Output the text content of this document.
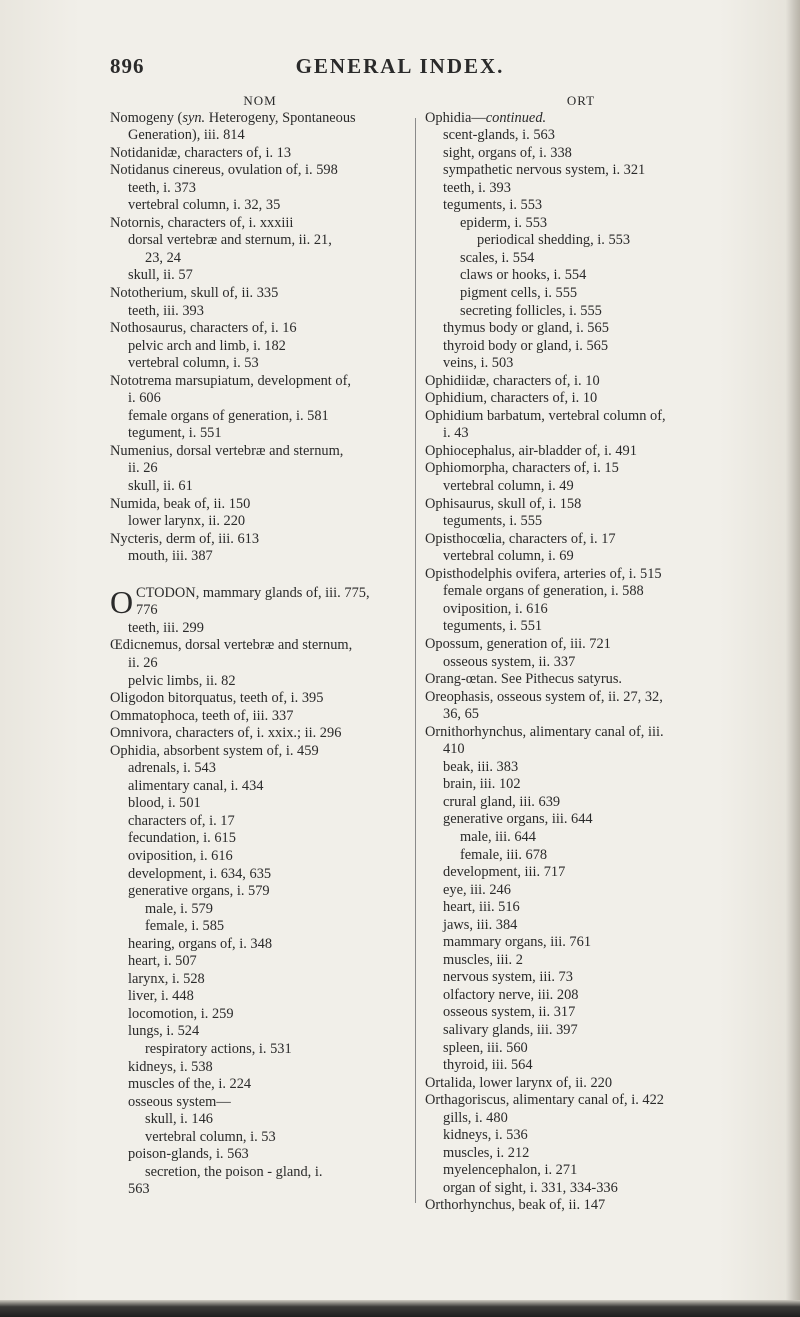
896	GENERAL INDEX.
NOM
Nomogeny (syn. Heterogeny, Spontaneous
Generation), iii. 814
Notidanidæ, characters of, i. 13
Notidanus cinereus, ovulation of, i. 598
teeth, i. 373
vertebral column, i. 32, 35
Notornis, characters of, i. xxxiii
dorsal vertebræ and sternum, ii. 21,
23, 24
skull, ii. 57
Nototherium, skull of, ii. 335
teeth, iii. 393
Nothosaurus, characters of, i. 16
pelvic arch and limb, i. 182
vertebral column, i. 53
Nototrema marsupiatum, development of,
i. 606
female organs of generation, i. 581
tegument, i. 551
Numenius, dorsal vertebræ and sternum,
ii. 26
skull, ii. 61
Numida, beak of, ii. 150
lower larynx, ii. 220
Nycteris, derm of, iii. 613
mouth, iii. 387
O CTODON, mammary glands of, iii. 775,
776
teeth, iii. 299
Œdicnemus, dorsal vertebræ and sternum,
ii. 26
pelvic limbs, ii. 82
Oligodon bitorquatus, teeth of, i. 395
Ommatophoca, teeth of, iii. 337
Omnivora, characters of, i. xxix.; ii. 296
Ophidia, absorbent system of, i. 459
adrenals, i. 543
alimentary canal, i. 434
blood, i. 501
characters of, i. 17
fecundation, i. 615
oviposition, i. 616
development, i. 634, 635
generative organs, i. 579
male, i. 579
female, i. 585
hearing, organs of, i. 348
heart, i. 507
larynx, i. 528
liver, i. 448
locomotion, i. 259
lungs, i. 524
respiratory actions, i. 531
kidneys, i. 538
muscles of the, i. 224
osseous system—
skull, i. 146
vertebral column, i. 53
poison-glands, i. 563
secretion, the poison - gland, i.
563
ORT
Ophidia—continued.
scent-glands, i. 563
sight, organs of, i. 338
sympathetic nervous system, i. 321
teeth, i. 393
teguments, i. 553
epiderm, i. 553
periodical shedding, i. 553
scales, i. 554
claws or hooks, i. 554
pigment cells, i. 555
secreting follicles, i. 555
thymus body or gland, i. 565
thyroid body or gland, i. 565
veins, i. 503
Ophidiidæ, characters of, i. 10
Ophidium, characters of, i. 10
Ophidium barbatum, vertebral column of,
i. 43
Ophiocephalus, air-bladder of, i. 491
Ophiomorpha, characters of, i. 15
vertebral column, i. 49
Ophisaurus, skull of, i. 158
teguments, i. 555
Opisthocœlia, characters of, i. 17
vertebral column, i. 69
Opisthodelphis ovifera, arteries of, i. 515
female organs of generation, i. 588
oviposition, i. 616
teguments, i. 551
Opossum, generation of, iii. 721
osseous system, ii. 337
Orang-œtan. See Pithecus satyrus.
Oreophasis, osseous system of, ii. 27, 32,
36, 65
Ornithorhynchus, alimentary canal of, iii.
410
beak, iii. 383
brain, iii. 102
crural gland, iii. 639
generative organs, iii. 644
male, iii. 644
female, iii. 678
development, iii. 717
eye, iii. 246
heart, iii. 516
jaws, iii. 384
mammary organs, iii. 761
muscles, iii. 2
nervous system, iii. 73
olfactory nerve, iii. 208
osseous system, ii. 317
salivary glands, iii. 397
spleen, iii. 560
thyroid, iii. 564
Ortalida, lower larynx of, ii. 220
Orthagoriscus, alimentary canal of, i. 422
gills, i. 480
kidneys, i. 536
muscles, i. 212
myelencephalon, i. 271
organ of sight, i. 331, 334-336
Orthorhynchus, beak of, ii. 147
